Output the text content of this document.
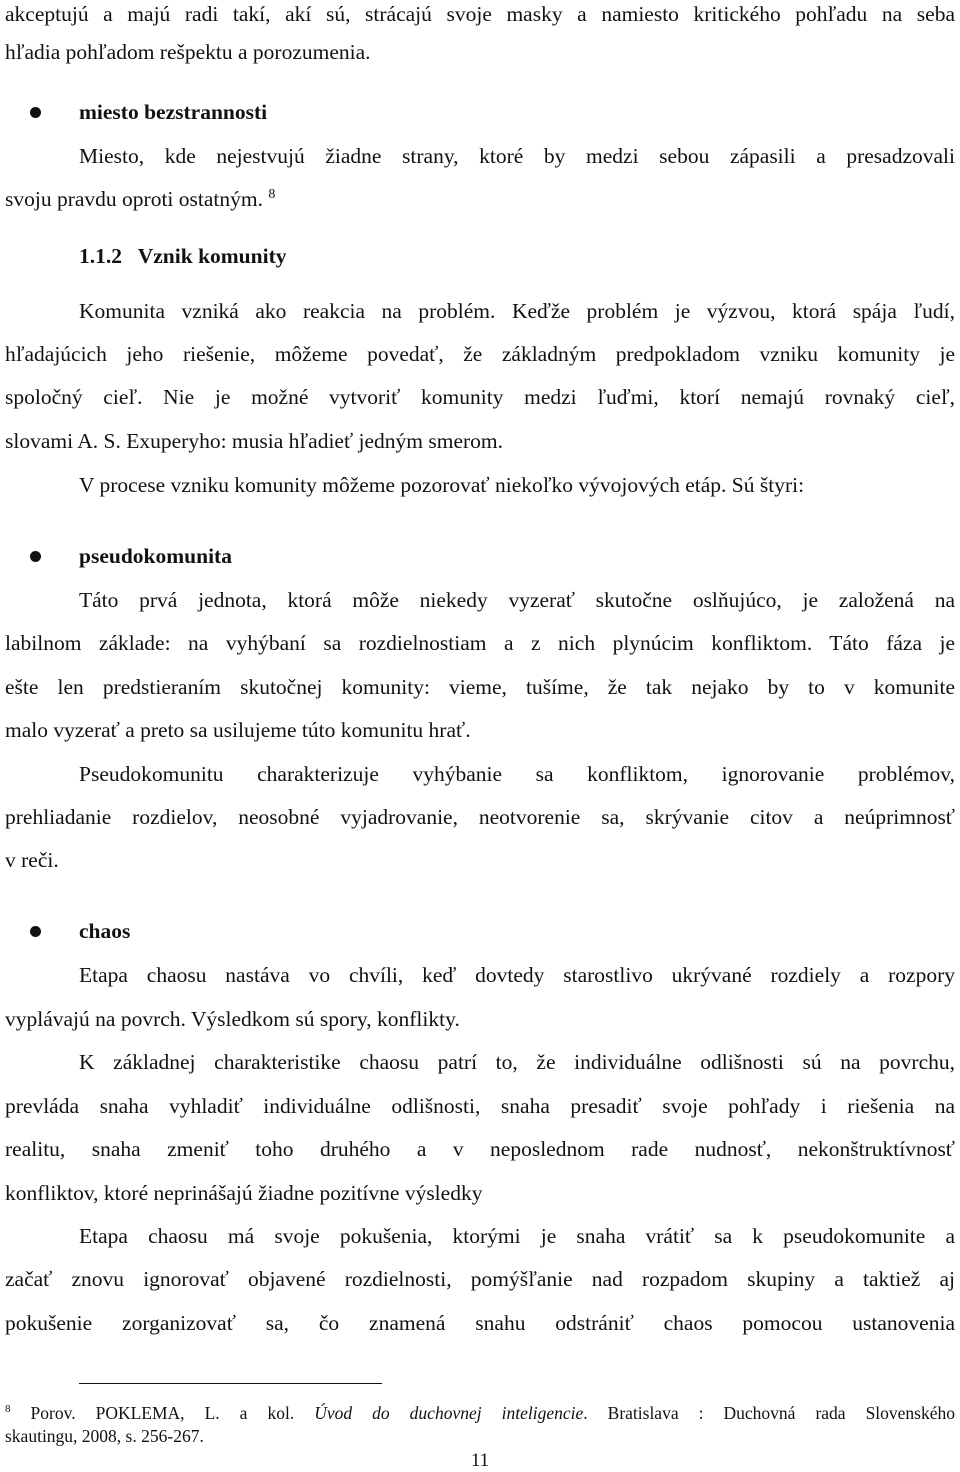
akceptujú a majú radi takí, akí sú, strácajú svoje masky a namiesto kritického pohľadu na seba
hľadia pohľadom rešpektu a porozumenia.
miesto bezstrannosti
Miesto, kde nejestvujú žiadne strany, ktoré by medzi sebou zápasili a presadzovali
svoju pravdu oproti ostatným. $^8$
1.1.2   Vznik komunity
Komunita vzniká ako reakcia na problém. Keďže problém je výzvou, ktorá spája ľudí,
hľadajúcich jeho riešenie, môžeme povedať, že základným predpokladom vzniku komunity je
spoločný cieľ. Nie je možné vytvoriť komunity medzi ľuďmi, ktorí nemajú rovnaký cieľ,
slovami A. S. Exuperyho: musia hľadieť jedným smerom.
V procese vzniku komunity môžeme pozorovať niekoľko vývojových etáp. Sú štyri:
pseudokomunita
Táto prvá jednota, ktorá môže niekedy vyzerať skutočne oslňujúco, je založená na
labilnom základe: na vyhýbaní sa rozdielnostiam a z nich plynúcim konfliktom. Táto fáza je
ešte len predstieraním skutočnej komunity: vieme, tušíme, že tak nejako by to v komunite
malo vyzerať a preto sa usilujeme túto komunitu hrať.
Pseudokomunitu charakterizuje vyhýbanie sa konfliktom, ignorovanie problémov,
prehliadanie rozdielov, neosobné vyjadrovanie, neotvorenie sa, skrývanie citov a neúprimnosť
v reči.
chaos
Etapa chaosu nastáva vo chvíli, keď dovtedy starostlivo ukrývané rozdiely a rozpory
vyplávajú na povrch. Výsledkom sú spory, konflikty.
K základnej charakteristike chaosu patrí to, že individuálne odlišnosti sú na povrchu,
prevláda snaha vyhladiť individuálne odlišnosti, snaha presadiť svoje pohľady i riešenia na
realitu, snaha zmeniť toho druhého a v neposlednom rade nudnosť, nekonštruktívnosť
konfliktov, ktoré neprinášajú žiadne pozitívne výsledky
Etapa chaosu má svoje pokušenia, ktorými je snaha vrátiť sa k pseudokomunite a
začať znovu ignorovať objavené rozdielnosti, pomýšľanie nad rozpadom skupiny a taktiež aj
pokušenie zorganizovať sa, čo znamená snahu odstrániť chaos pomocou ustanovenia
$^8$ Porov. POKLEMA, L. a kol. Úvod do duchovnej inteligencie. Bratislava : Duchovná rada Slovenského
skautingu, 2008, s. 256-267.
11
